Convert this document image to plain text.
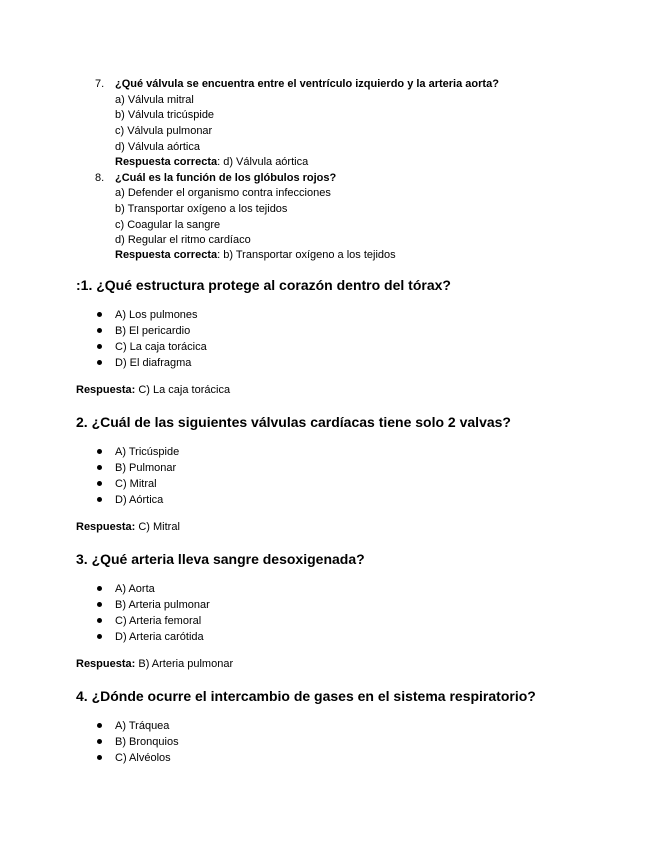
7. ¿Qué válvula se encuentra entre el ventrículo izquierdo y la arteria aorta?
a) Válvula mitral
b) Válvula tricúspide
c) Válvula pulmonar
d) Válvula aórtica
Respuesta correcta: d) Válvula aórtica
8. ¿Cuál es la función de los glóbulos rojos?
a) Defender el organismo contra infecciones
b) Transportar oxígeno a los tejidos
c) Coagular la sangre
d) Regular el ritmo cardíaco
Respuesta correcta: b) Transportar oxígeno a los tejidos
:1. ¿Qué estructura protege al corazón dentro del tórax?
A) Los pulmones
B) El pericardio
C) La caja torácica
D) El diafragma
Respuesta: C) La caja torácica
2. ¿Cuál de las siguientes válvulas cardíacas tiene solo 2 valvas?
A) Tricúspide
B) Pulmonar
C) Mitral
D) Aórtica
Respuesta: C) Mitral
3. ¿Qué arteria lleva sangre desoxigenada?
A) Aorta
B) Arteria pulmonar
C) Arteria femoral
D) Arteria carótida
Respuesta: B) Arteria pulmonar
4. ¿Dónde ocurre el intercambio de gases en el sistema respiratorio?
A) Tráquea
B) Bronquios
C) Alvéolos
